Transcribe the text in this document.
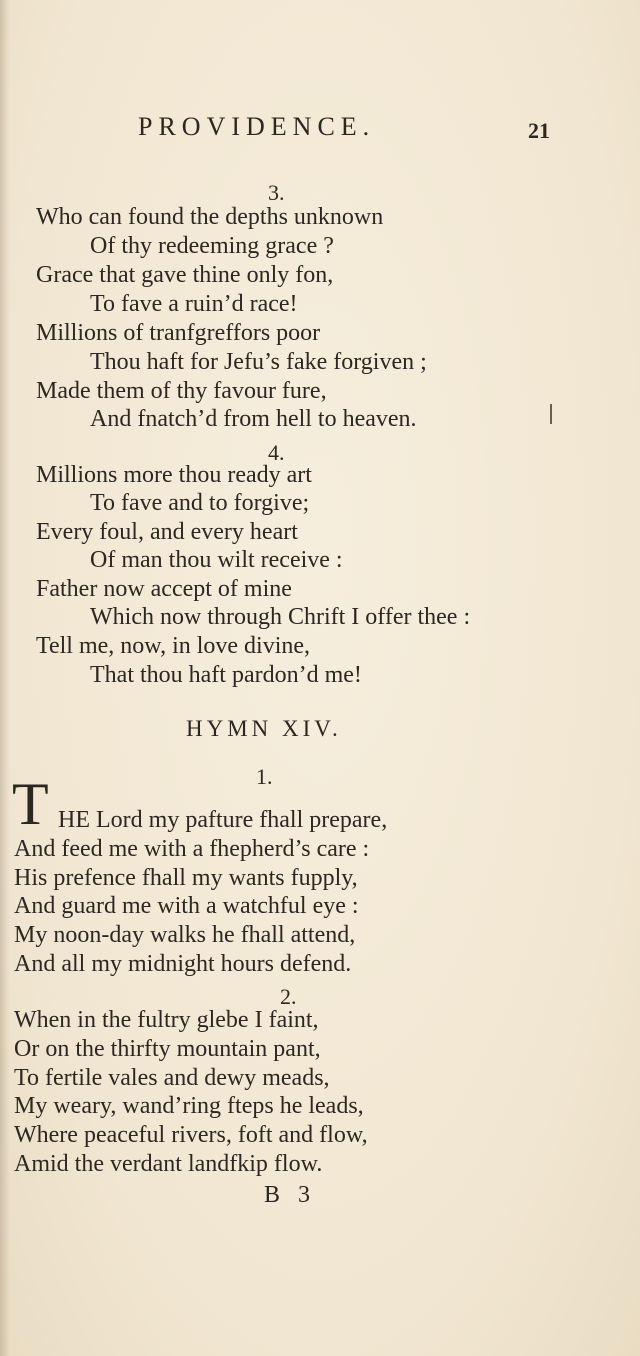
PROVIDENCE.	21
3.
Who can found the depths unknown
Of thy redeeming grace ?
Grace that gave thine only fon,
To fave a ruin’d race!
Millions of tranfgreffors poor
Thou haft for Jefu’s fake forgiven ;
Made them of thy favour fure,
And fnatch’d from hell to heaven.
4.
Millions more thou ready art
To fave and to forgive;
Every foul, and every heart
Of man thou wilt receive :
Father now accept of mine
Which now through Chrift I offer thee :
Tell me, now, in love divine,
That thou haft pardon’d me!
HYMN XIV.
1.
T HE Lord my pafture fhall prepare,
And feed me with a fhepherd’s care :
His prefence fhall my wants fupply,
And guard me with a watchful eye :
My noon-day walks he fhall attend,
And all my midnight hours defend.
2.
When in the fultry glebe I faint,
Or on the thirfty mountain pant,
To fertile vales and dewy meads,
My weary, wand’ring fteps he leads,
Where peaceful rivers, foft and flow,
Amid the verdant landfkip flow.
B 3
